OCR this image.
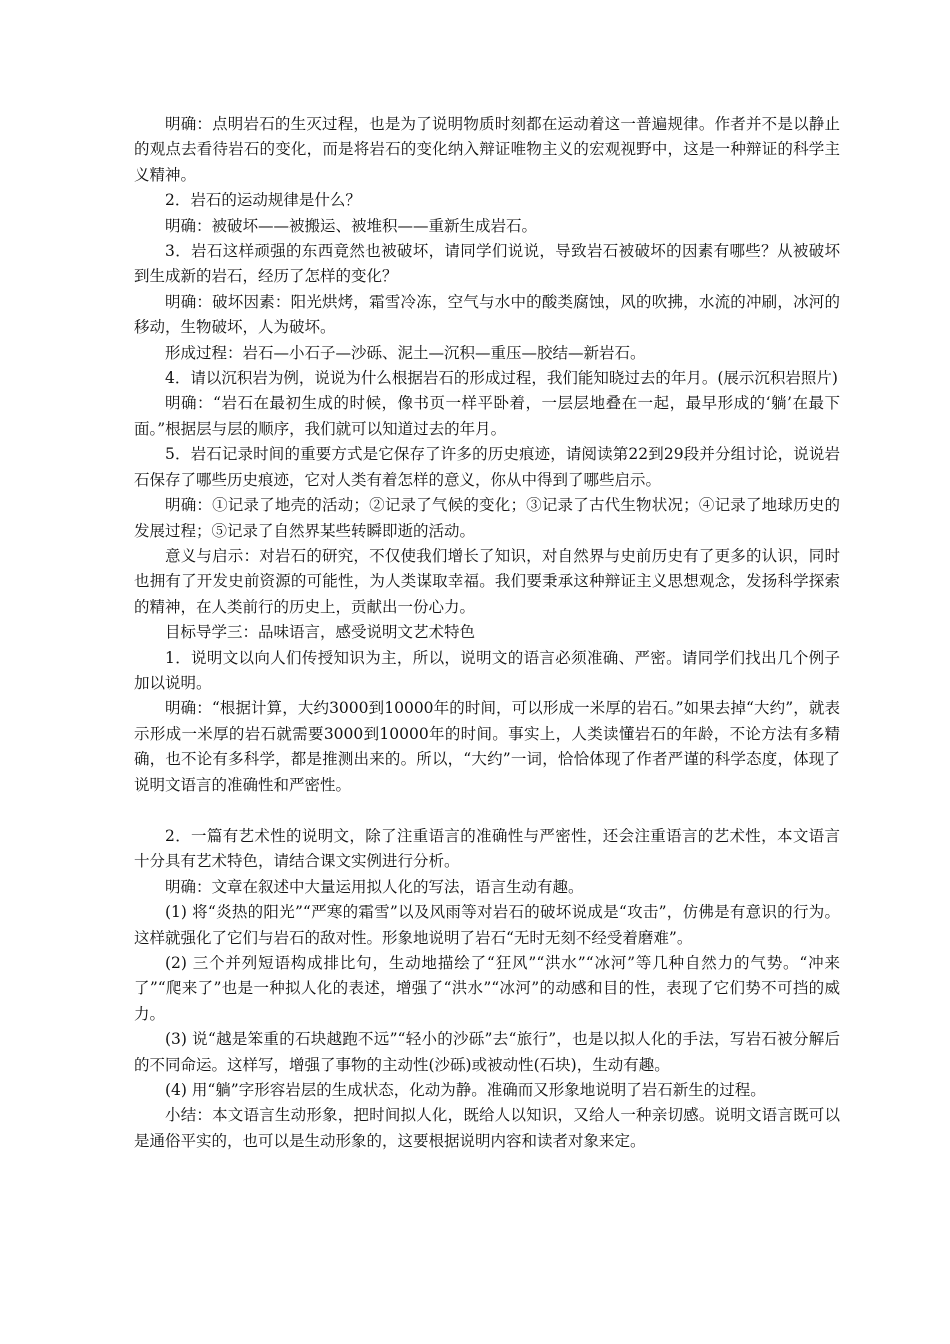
明确：点明岩石的生灭过程，也是为了说明物质时刻都在运动着这一普遍规律。作者并不是以静止的观点去看待岩石的变化，而是将岩石的变化纳入辩证唯物主义的宏观视野中，这是一种辩证的科学主义精神。

2．岩石的运动规律是什么？

明确：被破坏——被搬运、被堆积——重新生成岩石。

3．岩石这样顽强的东西竟然也被破坏，请同学们说说，导致岩石被破坏的因素有哪些？从被破坏到生成新的岩石，经历了怎样的变化？

明确：破坏因素：阳光烘烤，霜雪冷冻，空气与水中的酸类腐蚀，风的吹拂，水流的冲刷，冰河的移动，生物破坏，人为破坏。

形成过程：岩石—小石子—沙砾、泥土—沉积—重压—胶结—新岩石。

4．请以沉积岩为例，说说为什么根据岩石的形成过程，我们能知晓过去的年月。(展示沉积岩照片)

明确：“岩石在最初生成的时候，像书页一样平卧着，一层层地叠在一起，最早形成的‘躺’在最下面。”根据层与层的顺序，我们就可以知道过去的年月。

5．岩石记录时间的重要方式是它保存了许多的历史痕迹，请阅读第22到29段并分组讨论，说说岩石保存了哪些历史痕迹，它对人类有着怎样的意义，你从中得到了哪些启示。

明确：①记录了地壳的活动；②记录了气候的变化；③记录了古代生物状况；④记录了地球历史的发展过程；⑤记录了自然界某些转瞬即逝的活动。

意义与启示：对岩石的研究，不仅使我们增长了知识，对自然界与史前历史有了更多的认识，同时也拥有了开发史前资源的可能性，为人类谋取幸福。我们要秉承这种辩证主义思想观念，发扬科学探索的精神，在人类前行的历史上，贡献出一份心力。

目标导学三：品味语言，感受说明文艺术特色

1．说明文以向人们传授知识为主，所以，说明文的语言必须准确、严密。请同学们找出几个例子加以说明。

明确：“根据计算，大约3000到10000年的时间，可以形成一米厚的岩石。”如果去掉“大约”，就表示形成一米厚的岩石就需要3000到10000年的时间。事实上，人类读懂岩石的年龄，不论方法有多精确，也不论有多科学，都是推测出来的。所以，“大约”一词，恰恰体现了作者严谨的科学态度，体现了说明文语言的准确性和严密性。

2．一篇有艺术性的说明文，除了注重语言的准确性与严密性，还会注重语言的艺术性，本文语言十分具有艺术特色，请结合课文实例进行分析。

明确：文章在叙述中大量运用拟人化的写法，语言生动有趣。

(1) 将“炎热的阳光”“严寒的霜雪”以及风雨等对岩石的破坏说成是“攻击”，仿佛是有意识的行为。这样就强化了它们与岩石的敌对性。形象地说明了岩石“无时无刻不经受着磨难”。

(2) 三个并列短语构成排比句，生动地描绘了“狂风”“洪水”“冰河”等几种自然力的气势。“冲来了”“爬来了”也是一种拟人化的表述，增强了“洪水”“冰河”的动感和目的性，表现了它们势不可挡的威力。

(3) 说“越是笨重的石块越跑不远”“轻小的沙砾”去“旅行”，也是以拟人化的手法，写岩石被分解后的不同命运。这样写，增强了事物的主动性(沙砾)或被动性(石块)，生动有趣。

(4) 用“躺”字形容岩层的生成状态，化动为静。准确而又形象地说明了岩石新生的过程。

小结：本文语言生动形象，把时间拟人化，既给人以知识，又给人一种亲切感。说明文语言既可以是通俗平实的，也可以是生动形象的，这要根据说明内容和读者对象来定。
